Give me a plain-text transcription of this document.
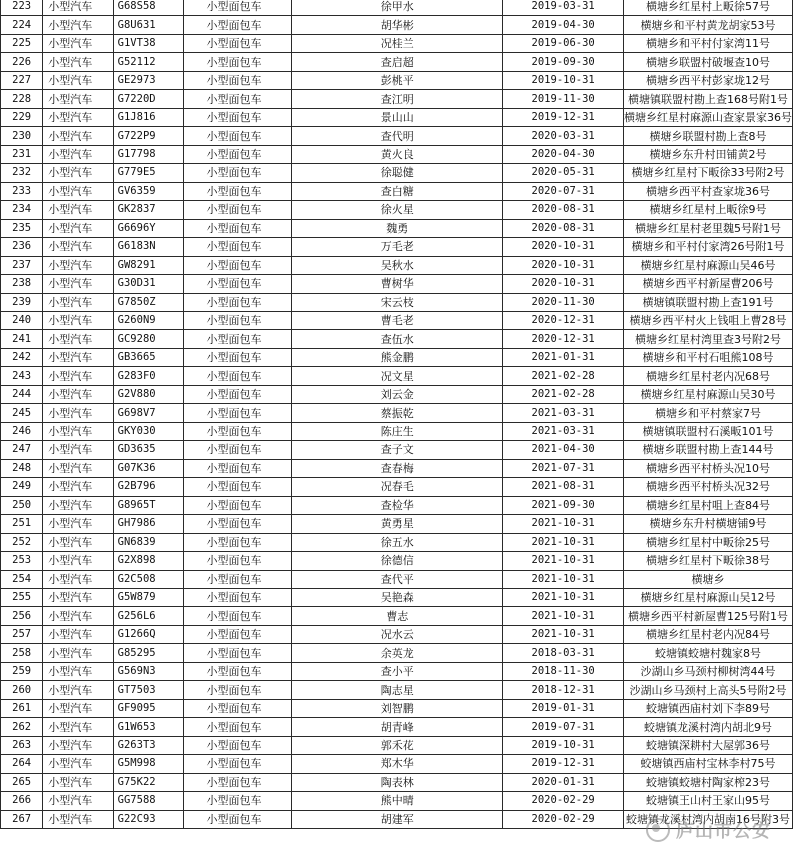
223	小型汽车	G68S58	小型面包车	徐甲水	2019-03-31	横塘乡红星村上畈徐57号
224	小型汽车	G8U631	小型面包车	胡华彬	2019-04-30	横塘乡和平村黄龙胡家53号
225	小型汽车	G1VT38	小型面包车	况桂兰	2019-06-30	横塘乡和平村付家湾11号
226	小型汽车	G52112	小型面包车	查启超	2019-09-30	横塘乡联盟村破堰查10号
227	小型汽车	GE2973	小型面包车	彭桃平	2019-10-31	横塘乡西平村彭家垅12号
228	小型汽车	G7220D	小型面包车	查江明	2019-11-30	横塘镇联盟村勘上查168号附1号
229	小型汽车	G1J816	小型面包车	景山山	2019-12-31	横塘乡红星村麻源山查家景家36号
230	小型汽车	G722P9	小型面包车	查代明	2020-03-31	横塘乡联盟村勘上查8号
231	小型汽车	G17798	小型面包车	黄火良	2020-04-30	横塘乡东升村田铺黄2号
232	小型汽车	G779E5	小型面包车	徐聪健	2020-05-31	横塘乡红星村下畈徐33号附2号
233	小型汽车	GV6359	小型面包车	查白糖	2020-07-31	横塘乡西平村查家垅36号
234	小型汽车	GK2837	小型面包车	徐火星	2020-08-31	横塘乡红星村上畈徐9号
235	小型汽车	G6696Y	小型面包车	魏勇	2020-08-31	横塘乡红星村老里魏5号附1号
236	小型汽车	G6183N	小型面包车	万毛老	2020-10-31	横塘乡和平村付家湾26号附1号
237	小型汽车	GW8291	小型面包车	吴秋水	2020-10-31	横塘乡红星村麻源山吴46号
238	小型汽车	G30D31	小型面包车	曹树华	2020-10-31	横塘乡西平村新屋曹206号
239	小型汽车	G7850Z	小型面包车	宋云枝	2020-11-30	横塘镇联盟村勘上查191号
240	小型汽车	G260N9	小型面包车	曹毛老	2020-12-31	横塘乡西平村火上钱咀上曹28号
241	小型汽车	GC9280	小型面包车	查伍水	2020-12-31	横塘乡红星村湾里查3号附2号
242	小型汽车	GB3665	小型面包车	熊金鹏	2021-01-31	横塘乡和平村石咀熊108号
243	小型汽车	G283F0	小型面包车	况文星	2021-02-28	横塘乡红星村老内况68号
244	小型汽车	G2V880	小型面包车	刘云金	2021-02-28	横塘乡红星村麻源山吴30号
245	小型汽车	G698V7	小型面包车	蔡振乾	2021-03-31	横塘乡和平村蔡家7号
246	小型汽车	GKY030	小型面包车	陈庄生	2021-03-31	横塘镇联盟村石溪畈101号
247	小型汽车	GD3635	小型面包车	查子文	2021-04-30	横塘乡联盟村勘上查144号
248	小型汽车	G07K36	小型面包车	查春梅	2021-07-31	横塘乡西平村桥头况10号
249	小型汽车	G2B796	小型面包车	况春毛	2021-08-31	横塘乡西平村桥头况32号
250	小型汽车	G8965T	小型面包车	查检华	2021-09-30	横塘乡红星村咀上查84号
251	小型汽车	GH7986	小型面包车	黄勇星	2021-10-31	横塘乡东升村横塘铺9号
252	小型汽车	GN6839	小型面包车	徐五水	2021-10-31	横塘乡红星村中畈徐25号
253	小型汽车	G2X898	小型面包车	徐德信	2021-10-31	横塘乡红星村下畈徐38号
254	小型汽车	G2C508	小型面包车	查代平	2021-10-31	横塘乡
255	小型汽车	G5W879	小型面包车	吴艳森	2021-10-31	横塘乡红星村麻源山吴12号
256	小型汽车	G256L6	小型面包车	曹志	2021-10-31	横塘乡西平村新屋曹125号附1号
257	小型汽车	G1266Q	小型面包车	况水云	2021-10-31	横塘乡红星村老内况84号
258	小型汽车	G85295	小型面包车	余英龙	2018-03-31	蛟塘镇蛟塘村魏家8号
259	小型汽车	G569N3	小型面包车	查小平	2018-11-30	沙湖山乡马颈村柳树湾44号
260	小型汽车	GT7503	小型面包车	陶志星	2018-12-31	沙湖山乡马颈村上高头5号附2号
261	小型汽车	GF9095	小型面包车	刘智鹏	2019-01-31	蛟塘镇西庙村刘下李89号
262	小型汽车	G1W653	小型面包车	胡青峰	2019-07-31	蛟塘镇龙溪村湾内胡北9号
263	小型汽车	G263T3	小型面包车	郭禾花	2019-10-31	蛟塘镇深耕村大屋郭36号
264	小型汽车	G5M998	小型面包车	郑木华	2019-12-31	蛟塘镇西庙村宝林李村75号
265	小型汽车	G75K22	小型面包车	陶表林	2020-01-31	蛟塘镇蛟塘村陶家榨23号
266	小型汽车	GG7588	小型面包车	熊中晴	2020-02-29	蛟塘镇王山村王家山95号
267	小型汽车	G22C93	小型面包车	胡建军	2020-02-29	蛟塘镇龙溪村湾内胡南16号附3号
庐山市公安
